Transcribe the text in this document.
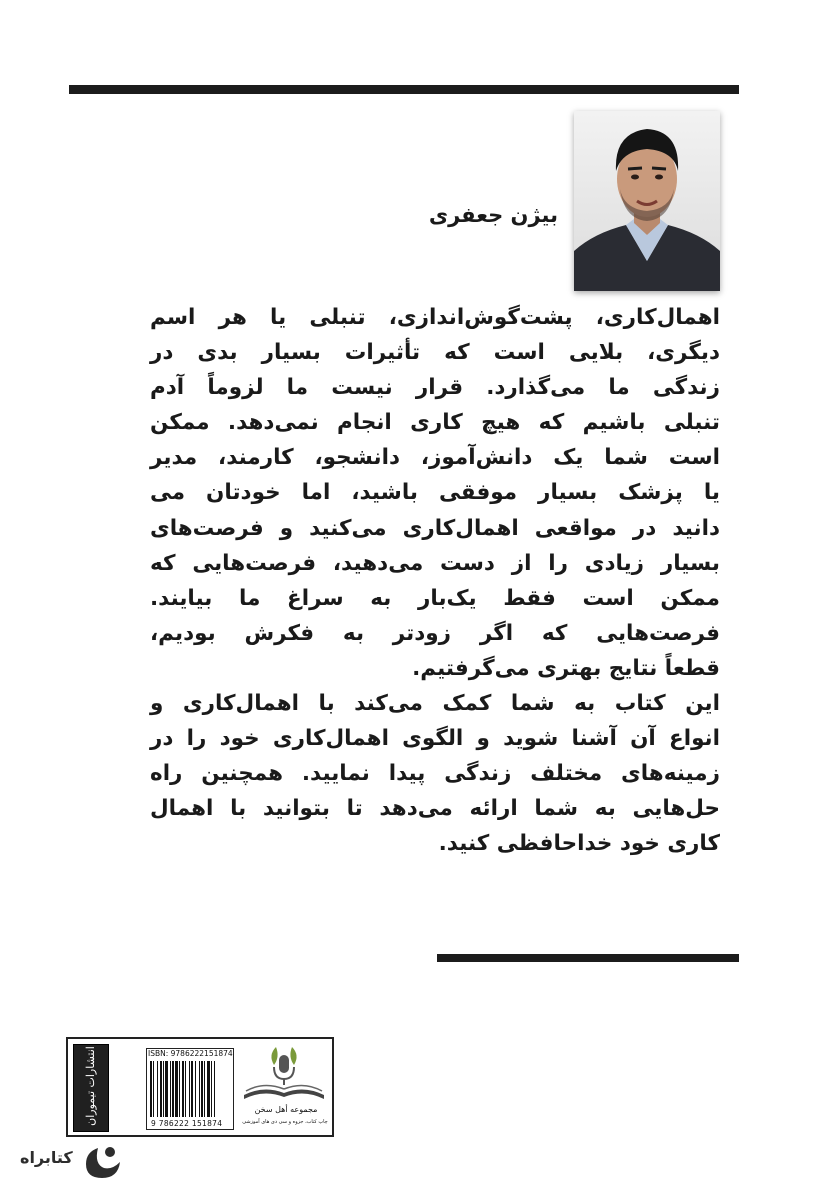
بیژن جعفری
اهمال‌کاری، پشت‌گوش‌اندازی، تنبلی یا هر اسم
دیگری، بلایی است که تأثیرات بسیار بدی در
زندگی ما می‌گذارد. قرار نیست ما لزوماً آدم
تنبلی باشیم که هیچ کاری انجام نمی‌دهد. ممکن
است شما یک دانش‌آموز، دانشجو، کارمند، مدیر
یا پزشک بسیار موفقی باشید، اما خودتان می
دانید در مواقعی اهمال‌کاری می‌کنید و فرصت‌های
بسیار زیادی را از دست می‌دهید، فرصت‌هایی که
ممکن است فقط یک‌بار به سراغ ما بیایند.
فرصت‌هایی که اگر زودتر به فکرش بودیم،
قطعاً نتایج بهتری می‌گرفتیم.
این کتاب به شما کمک می‌کند با اهمال‌کاری و
انواع آن آشنا شوید و الگوی اهمال‌کاری خود را در
زمینه‌های مختلف زندگی پیدا نمایید. همچنین راه
حل‌هایی به شما ارائه می‌دهد تا بتوانید با اهمال
کاری خود خداحافظی کنید.
انتشارات تیموران	ISBN: 9786222151874
9 786222 151874
مجموعه أهل سخن
چاپ کتاب، جزوه و سی دی های آموزشی
کتابراه
